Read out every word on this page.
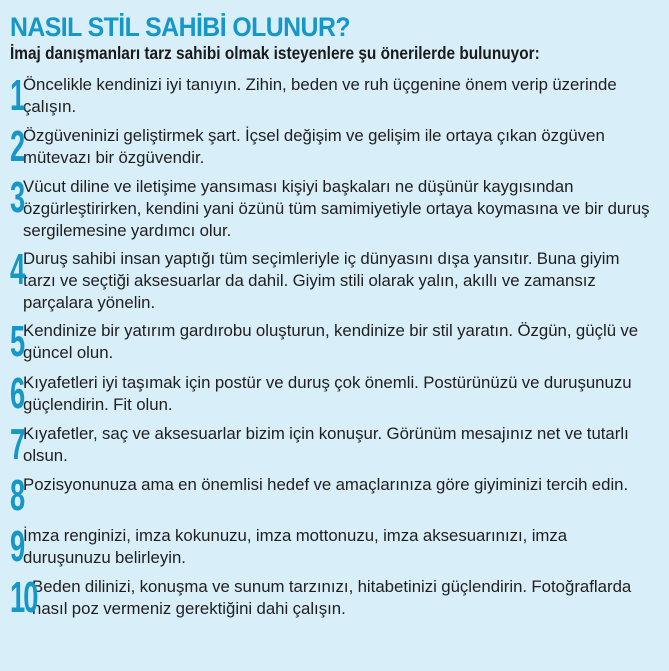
NASIL STİL SAHİBİ OLUNUR?
İmaj danışmanları tarz sahibi olmak isteyenlere şu önerilerde bulunuyor:
1 Öncelikle kendinizi iyi tanıyın. Zihin, beden ve ruh üçgenine önem verip üzerinde çalışın.
2 Özgüveninizi geliştirmek şart. İçsel değişim ve gelişim ile ortaya çıkan özgüven mütevazı bir özgüvendir.
3 Vücut diline ve iletişime yansıması kişiyi başkaları ne düşünür kaygısından özgürleştirirken, kendini yani özünü tüm samimiyetiyle ortaya koymasına ve bir duruş sergilemesine yardımcı olur.
4 Duruş sahibi insan yaptığı tüm seçimleriyle iç dünyasını dışa yansıtır. Buna giyim tarzı ve seçtiği aksesuarlar da dahil. Giyim stili olarak yalın, akıllı ve zamansız parçalara yönelin.
5 Kendinize bir yatırım gardırobu oluşturun, kendinize bir stil yaratın. Özgün, güçlü ve güncel olun.
6 Kıyafetleri iyi taşımak için postür ve duruş çok önemli. Postürünüzü ve duruşunuzu güçlendirin. Fit olun.
7 Kıyafetler, saç ve aksesuarlar bizim için konuşur. Görünüm mesajınız net ve tutarlı olsun.
8 Pozisyonunuza ama en önemlisi hedef ve amaçlarınıza göre giyiminizi tercih edin.
9 İmza renginizi, imza kokunuzu, imza mottonuzu, imza aksesuarınızı, imza duruşunuzu belirleyin.
10
Beden dilinizi, konuşma ve sunum tarzınızı, hitabetinizi güçlendirin. Fotoğraflarda nasıl poz vermeniz gerektiğini dahi çalışın.
